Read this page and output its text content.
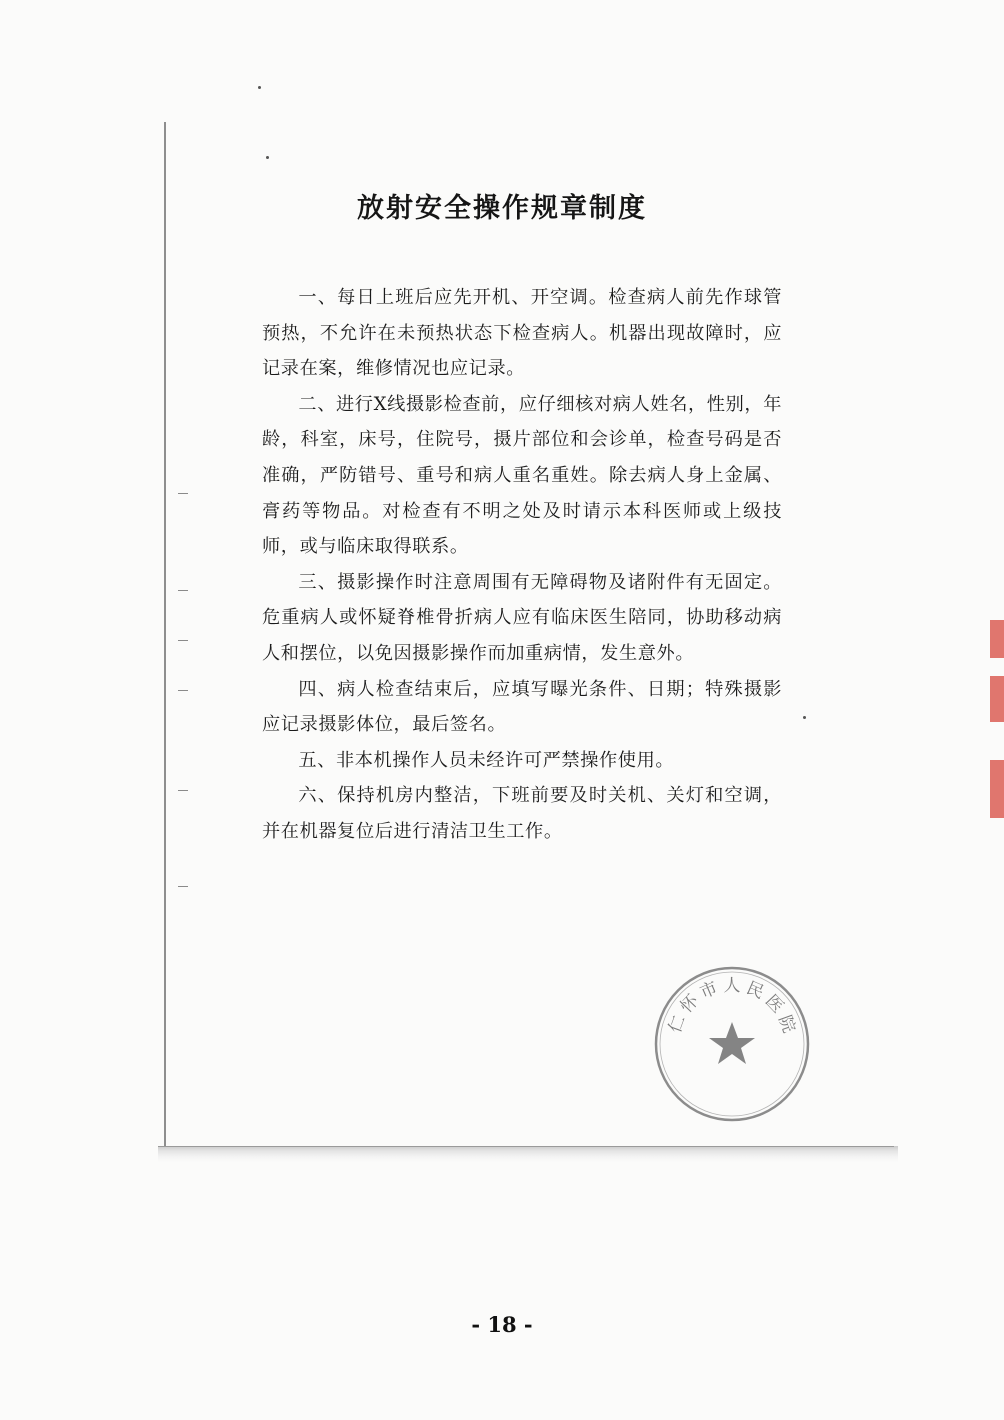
放射安全操作规章制度

一、每日上班后应先开机、开空调。检查病人前先作球管预热，不允许在未预热状态下检查病人。机器出现故障时，应记录在案，维修情况也应记录。

二、进行X线摄影检查前，应仔细核对病人姓名，性别，年龄，科室，床号，住院号，摄片部位和会诊单，检查号码是否准确，严防错号、重号和病人重名重姓。除去病人身上金属、膏药等物品。对检查有不明之处及时请示本科医师或上级技师，或与临床取得联系。

三、摄影操作时注意周围有无障碍物及诸附件有无固定。危重病人或怀疑脊椎骨折病人应有临床医生陪同，协助移动病人和摆位，以免因摄影操作而加重病情，发生意外。

四、病人检查结束后，应填写曝光条件、日期；特殊摄影应记录摄影体位，最后签名。

五、非本机操作人员未经许可严禁操作使用。

六、保持机房内整洁，下班前要及时关机、关灯和空调，并在机器复位后进行清洁卫生工作。

仁
怀
市 人 民
医
院
- 18 -
